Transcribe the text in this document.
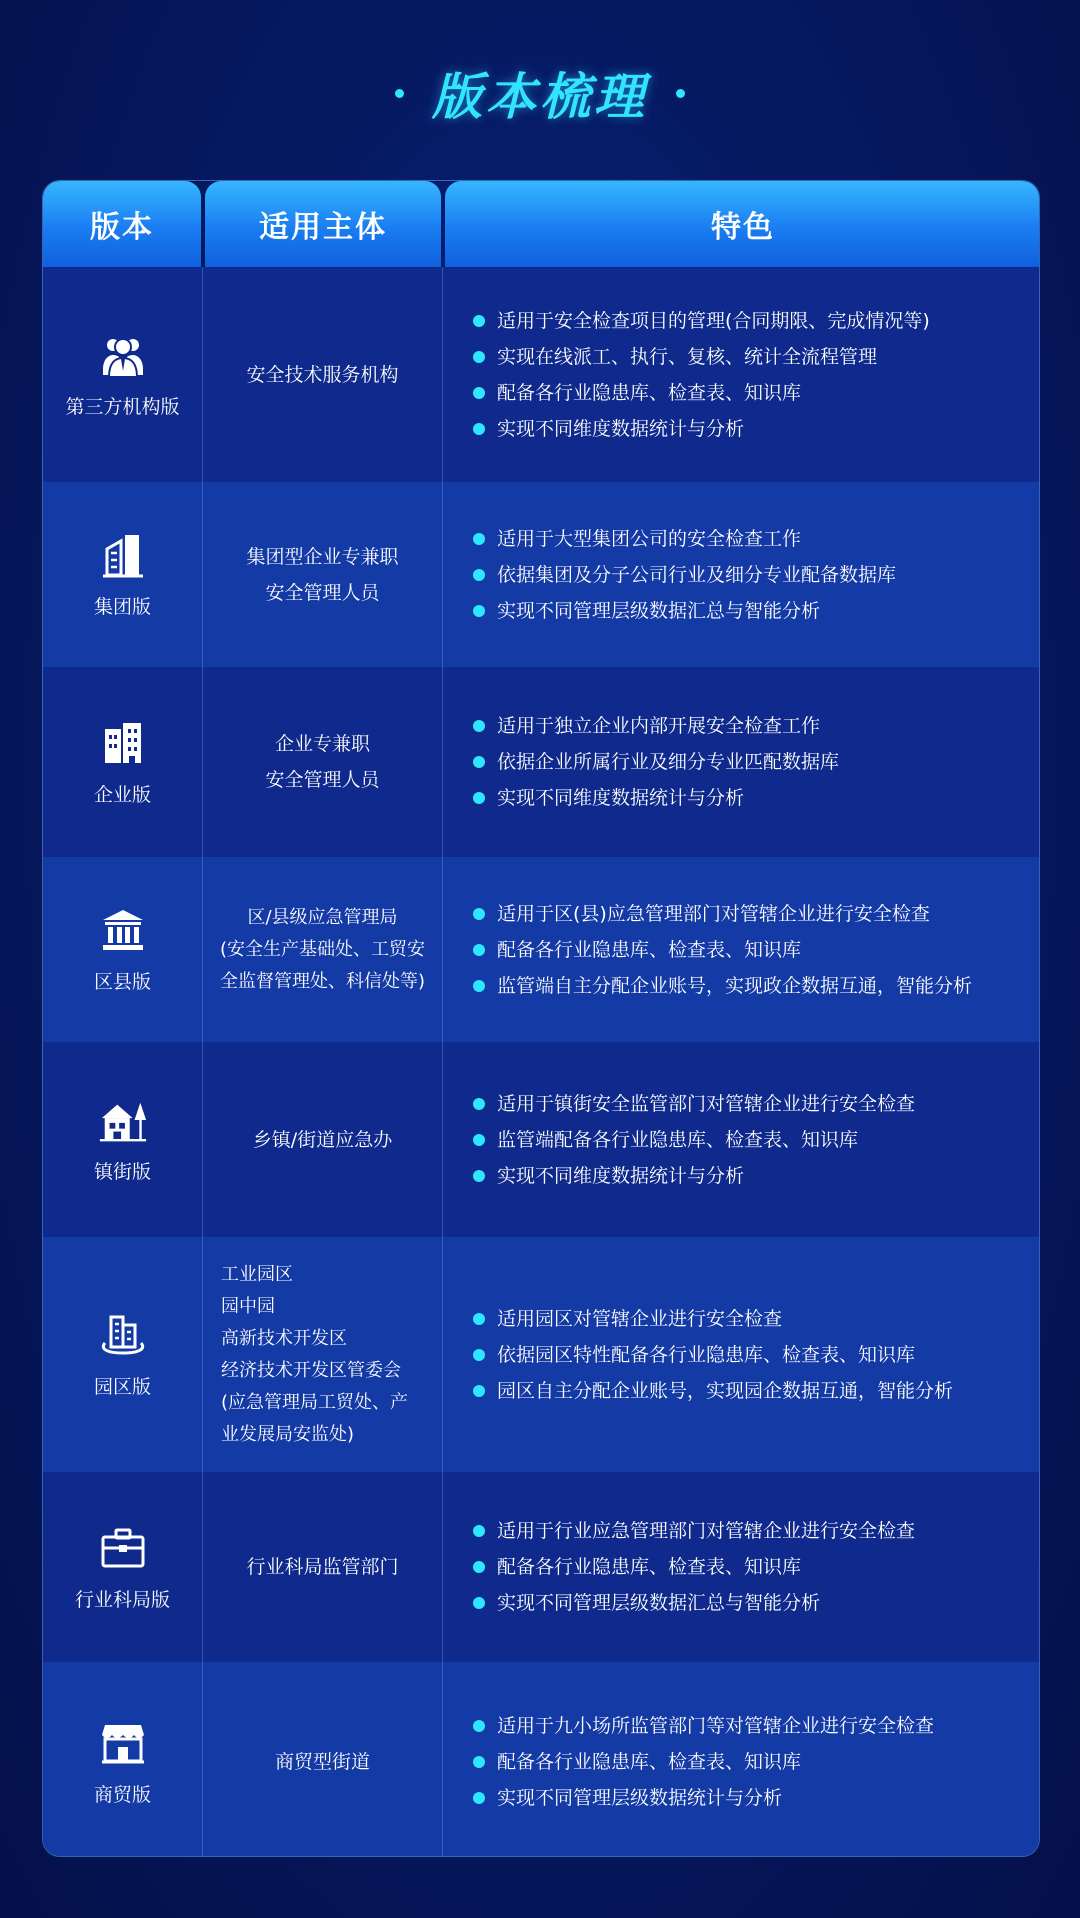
版本梳理
版本	适用主体	特色
第三方机构版
安全技术服务机构
适用于安全检查项目的管理(合同期限、完成情况等)
实现在线派工、执行、复核、统计全流程管理
配备各行业隐患库、检查表、知识库
实现不同维度数据统计与分析
集团版
集团型企业专兼职
安全管理人员
适用于大型集团公司的安全检查工作
依据集团及分子公司行业及细分专业配备数据库
实现不同管理层级数据汇总与智能分析
企业版
企业专兼职
安全管理人员
适用于独立企业内部开展安全检查工作
依据企业所属行业及细分专业匹配数据库
实现不同维度数据统计与分析
区县版
区/县级应急管理局
(安全生产基础处、工贸安
全监督管理处、科信处等)
适用于区(县)应急管理部门对管辖企业进行安全检查
配备各行业隐患库、检查表、知识库
监管端自主分配企业账号，实现政企数据互通，智能分析
镇街版
乡镇/街道应急办
适用于镇街安全监管部门对管辖企业进行安全检查
监管端配备各行业隐患库、检查表、知识库
实现不同维度数据统计与分析
园区版
工业园区
园中园
高新技术开发区
经济技术开发区管委会
(应急管理局工贸处、产
业发展局安监处)
适用园区对管辖企业进行安全检查
依据园区特性配备各行业隐患库、检查表、知识库
园区自主分配企业账号，实现园企数据互通，智能分析
行业科局版
行业科局监管部门
适用于行业应急管理部门对管辖企业进行安全检查
配备各行业隐患库、检查表、知识库
实现不同管理层级数据汇总与智能分析
商贸版
商贸型街道
适用于九小场所监管部门等对管辖企业进行安全检查
配备各行业隐患库、检查表、知识库
实现不同管理层级数据统计与分析
